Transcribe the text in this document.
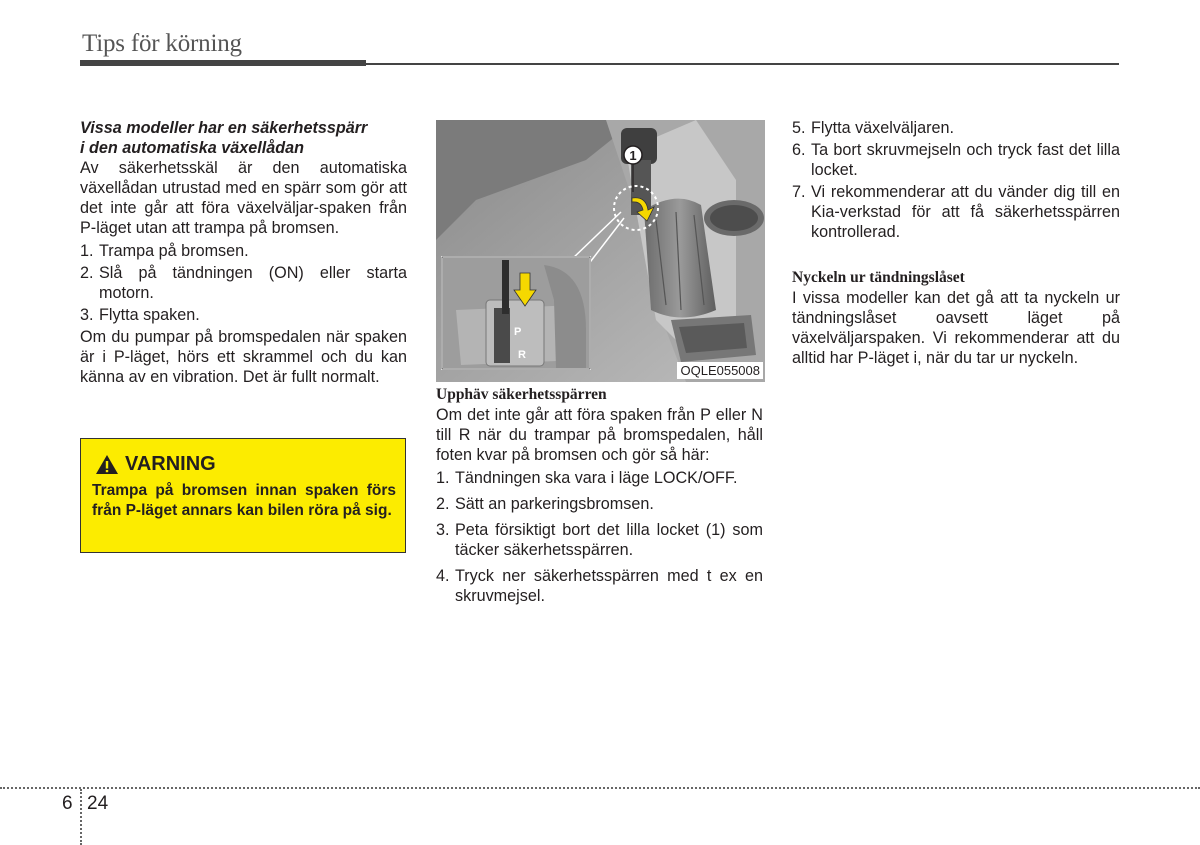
Tips för körning

Vissa modeller har en säkerhetsspärr
i den automatiska växellådan

Av säkerhetsskäl är den automatiska växellådan utrustad med en spärr som gör att det inte går att föra växelväljar-spaken från P-läget utan att trampa på bromsen.

1. Trampa på bromsen.
2. Slå på tändningen (ON) eller starta motorn.
3. Flytta spaken.

Om du pumpar på bromspedalen när spaken är i P-läget, hörs ett skrammel och du kan känna av en vibration. Det är fullt normalt.

VARNING
Trampa på bromsen innan spaken förs från P-läget annars kan bilen röra på sig.
1
P
R
OQLE055008

Upphäv säkerhetsspärren

Om det inte går att föra spaken från P eller N till R när du trampar på bromspedalen, håll foten kvar på bromsen och gör så här:

1. Tändningen ska vara i läge LOCK/OFF.
2. Sätt an parkeringsbromsen.
3. Peta försiktigt bort det lilla locket (1) som täcker säkerhetsspärren.
4. Tryck ner säkerhetsspärren med t ex en skruvmejsel.
5. Flytta växelväljaren.
6. Ta bort skruvmejseln och tryck fast det lilla locket.
7. Vi rekommenderar att du vänder dig till en Kia-verkstad för att få säkerhetsspärren kontrollerad.

Nyckeln ur tändningslåset

I vissa modeller kan det gå att ta nyckeln ur tändningslåset oavsett läget på växelväljarspaken. Vi rekommenderar att du alltid har P-läget i, när du tar ur nyckeln.

6 24
